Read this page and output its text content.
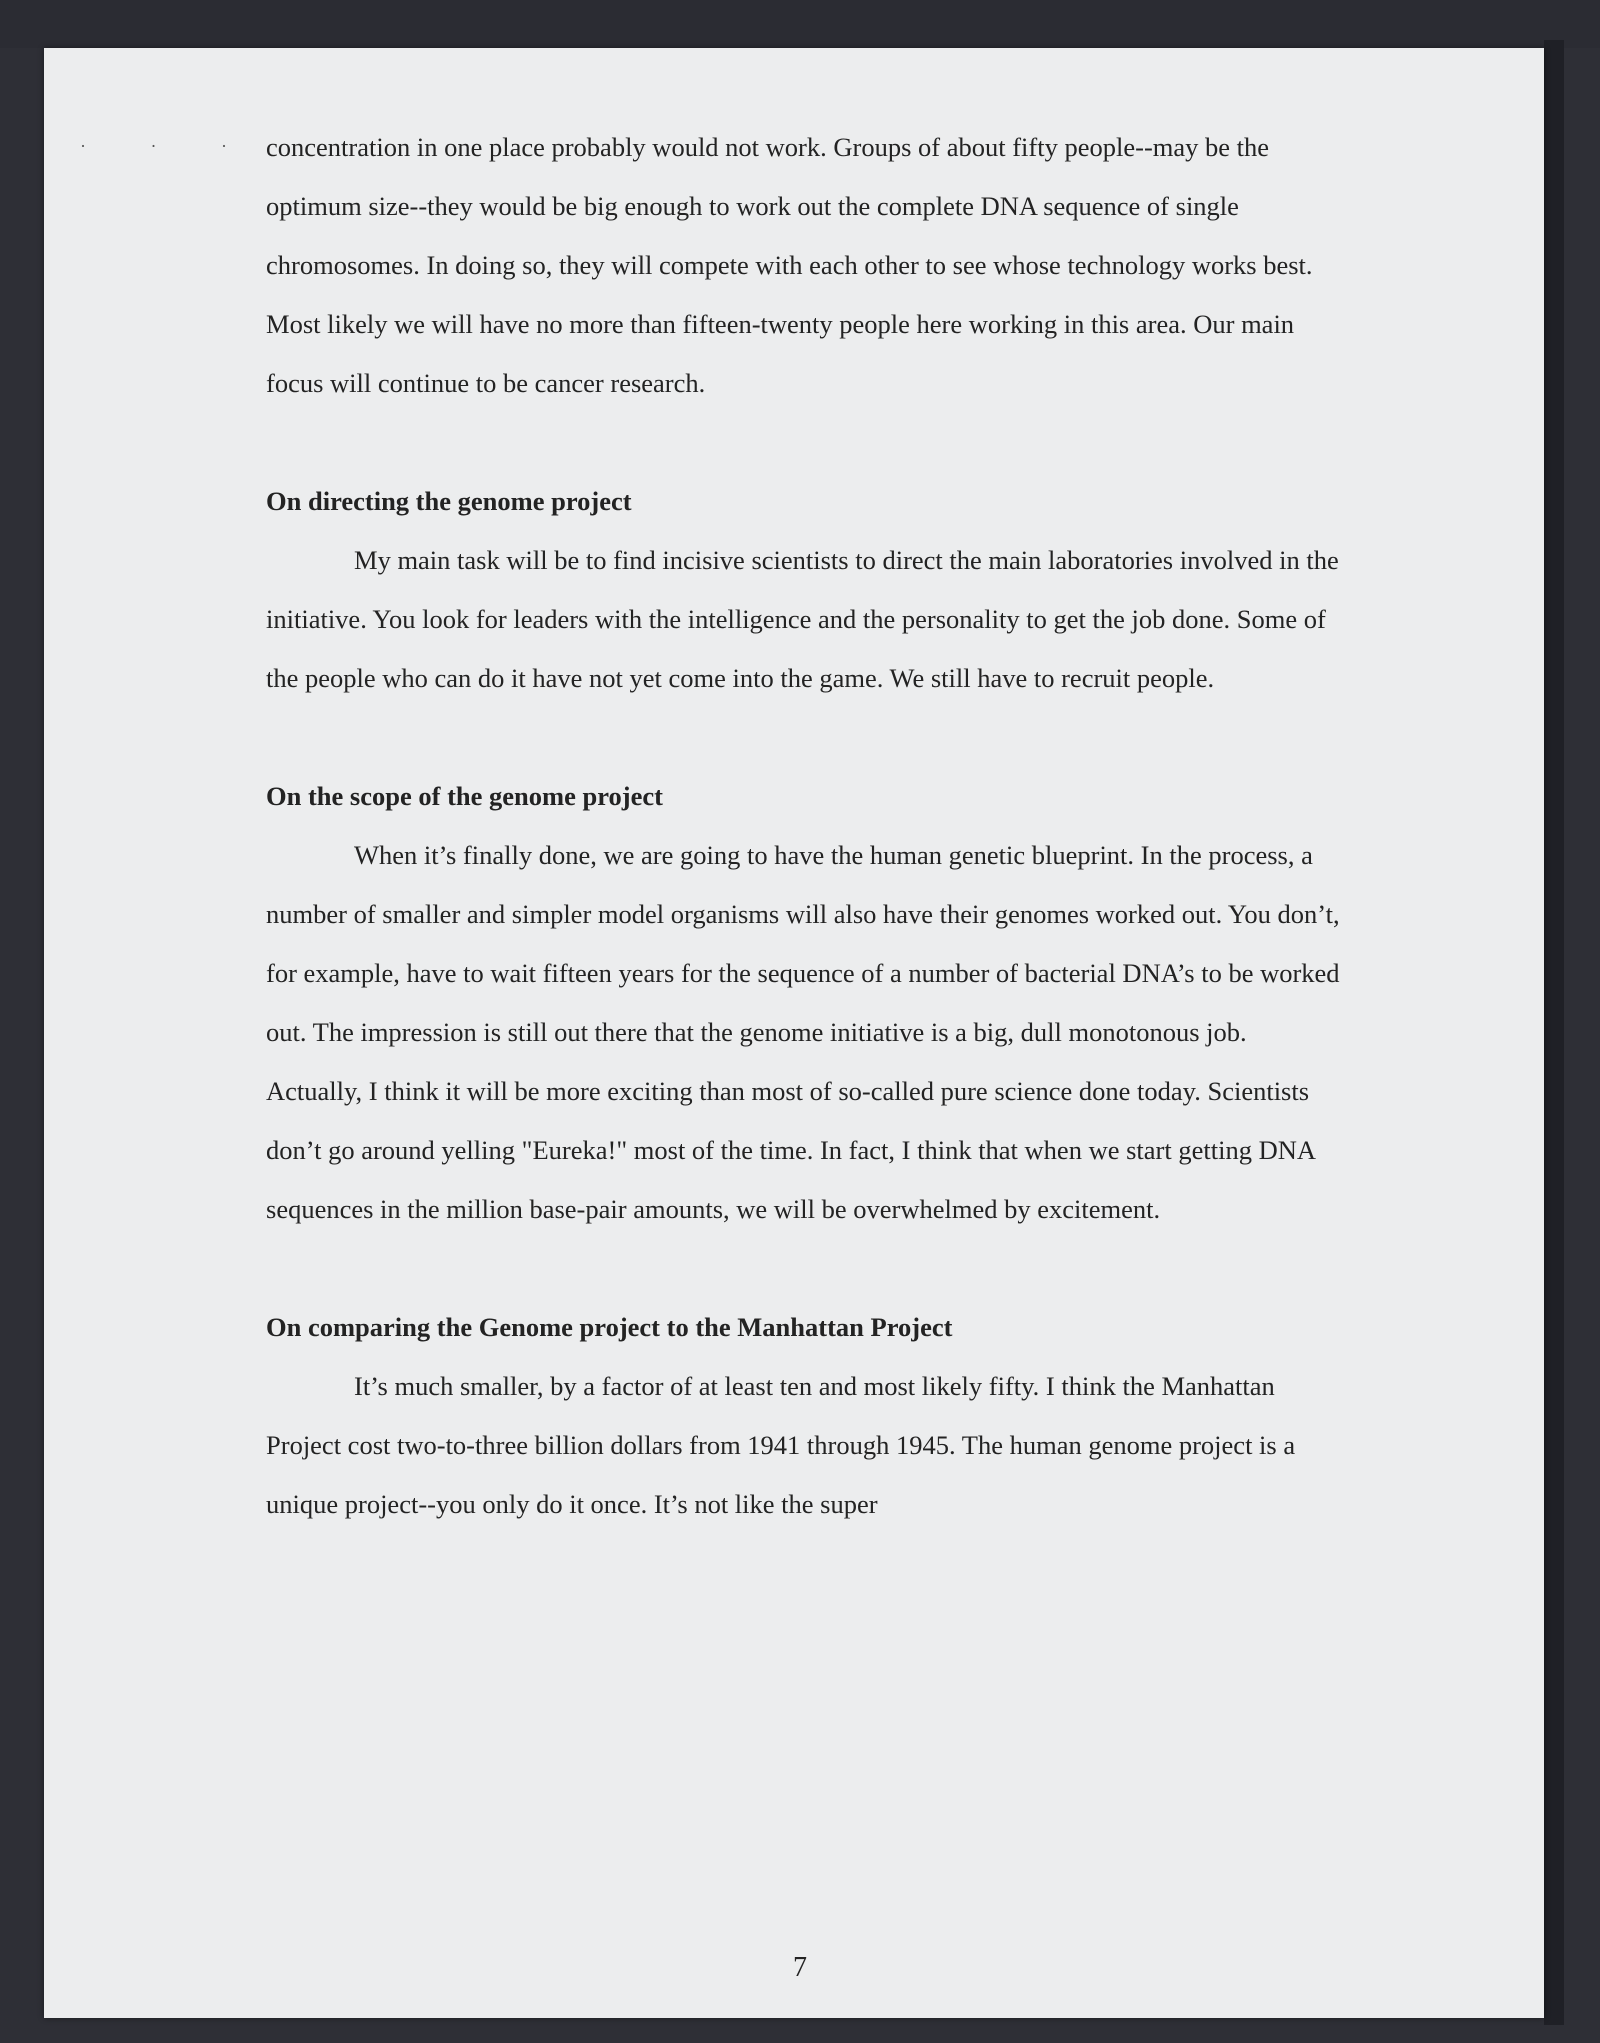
· · · concentration in one place probably would not work. Groups of about fifty people--may be the optimum size--they would be big enough to work out the complete DNA sequence of single chromosomes. In doing so, they will compete with each other to see whose technology works best. Most likely we will have no more than fifteen-twenty people here working in this area. Our main focus will continue to be cancer research.

On directing the genome project

My main task will be to find incisive scientists to direct the main laboratories involved in the initiative. You look for leaders with the intelligence and the personality to get the job done. Some of the people who can do it have not yet come into the game. We still have to recruit people.

On the scope of the genome project

When it’s finally done, we are going to have the human genetic blueprint. In the process, a number of smaller and simpler model organisms will also have their genomes worked out. You don’t, for example, have to wait fifteen years for the sequence of a number of bacterial DNA’s to be worked out. The impression is still out there that the genome initiative is a big, dull monotonous job. Actually, I think it will be more exciting than most of so-called pure science done today. Scientists don’t go around yelling "Eureka!" most of the time. In fact, I think that when we start getting DNA sequences in the million base-pair amounts, we will be overwhelmed by excitement.

On comparing the Genome project to the Manhattan Project

It’s much smaller, by a factor of at least ten and most likely fifty. I think the Manhattan Project cost two-to-three billion dollars from 1941 through 1945. The human genome project is a unique project--you only do it once. It’s not like the super

7
